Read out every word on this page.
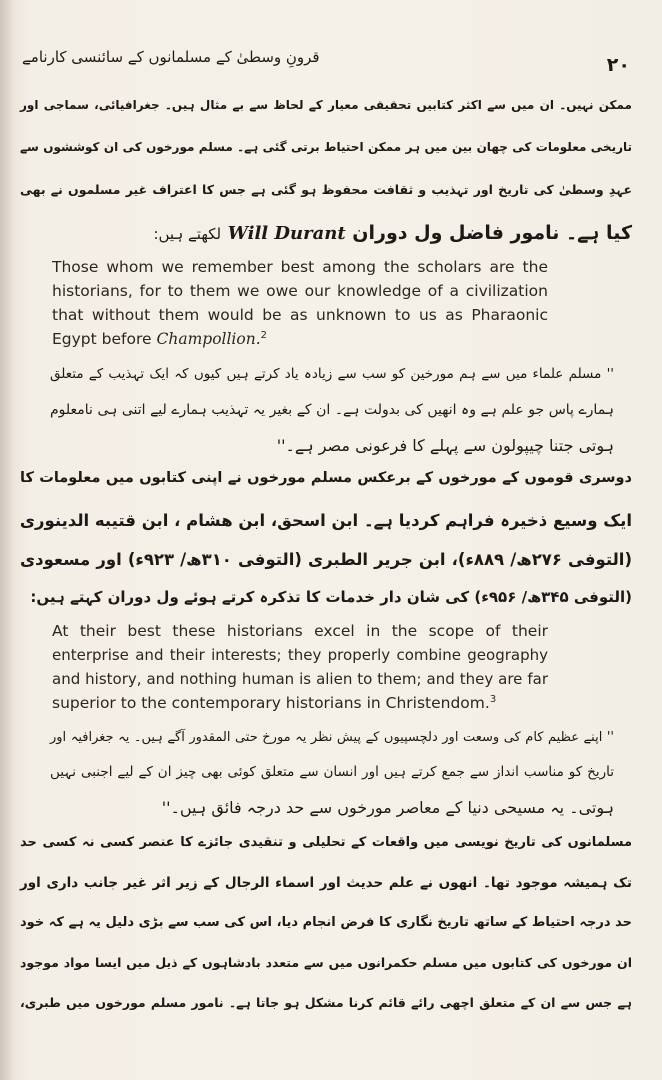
قرونِ وسطیٰ کے مسلمانوں کے سائنسی کارنامے	۲۰
ممکن نہیں۔ ان میں سے اکثر کتابیں تحقیقی معیار کے لحاظ سے بے مثال ہیں۔ جغرافیائی، سماجی اور
تاریخی معلومات کی چھان بین میں ہر ممکن احتیاط برتی گئی ہے۔ مسلم مورخوں کی ان کوششوں سے
عہدِ وسطیٰ کی تاریخ اور تہذیب و ثقافت محفوظ ہو گئی ہے جس کا اعتراف غیر مسلموں نے بھی
کیا ہے۔ نامور فاضل ول دوران Will Durant لکھتے ہیں:
Those whom we remember best among the scholars are the
historians, for to them we owe our knowledge of a civilization
that without them would be as unknown to us as Pharaonic
Egypt before Champollion.$^2$
'' مسلم علماء میں سے ہم مورخین کو سب سے زیادہ یاد کرتے ہیں کیوں کہ ایک تہذیب کے متعلق
ہمارے پاس جو علم ہے وہ انھیں کی بدولت ہے۔ ان کے بغیر یہ تہذیب ہمارے لیے اتنی ہی نامعلوم
ہوتی جتنا چیپولون سے پہلے کا فرعونی مصر ہے۔''
دوسری قوموں کے مورخوں کے برعکس مسلم مورخوں نے اپنی کتابوں میں معلومات کا
ایک وسیع ذخیرہ فراہم کردیا ہے۔ ابن اسحق، ابن هشام ، ابن قتیبه الدینوری
(التوفی ۲۷۶ھ/ ۸۸۹ء)، ابن جریر الطبری (التوفی ۳۱۰ھ/ ۹۲۳ء) اور مسعودی
(التوفی ۳۴۵ھ/ ۹۵۶ء) کی شان دار خدمات کا تذکرہ کرتے ہوئے ول دوران کہتے ہیں:
At their best these historians excel in the scope of their
enterprise and their interests; they properly combine geography
and history, and nothing human is alien to them; and they are far
superior to the contemporary historians in Christendom.$^3$
'' اپنے عظیم کام کی وسعت اور دلچسپیوں کے پیش نظر یہ مورخ حتی المقدور آگے ہیں۔ یہ جغرافیہ اور
تاریخ کو مناسب انداز سے جمع کرتے ہیں اور انسان سے متعلق کوئی بھی چیز ان کے لیے اجنبی نہیں
ہوتی۔ یہ مسیحی دنیا کے معاصر مورخوں سے حد درجہ فائق ہیں۔''
مسلمانوں کی تاریخ نویسی میں واقعات کے تحلیلی و تنقیدی جائزے کا عنصر کسی نہ کسی حد
تک ہمیشہ موجود تھا۔ انھوں نے علم حدیث اور اسماء الرجال کے زیر اثر غیر جانب داری اور
حد درجہ احتیاط کے ساتھ تاریخ نگاری کا فرض انجام دیا، اس کی سب سے بڑی دلیل یہ ہے کہ خود
ان مورخوں کی کتابوں میں مسلم حکمرانوں میں سے متعدد بادشاہوں کے ذیل میں ایسا مواد موجود
ہے جس سے ان کے متعلق اچھی رائے قائم کرنا مشکل ہو جاتا ہے۔ نامور مسلم مورخوں میں طبری،
